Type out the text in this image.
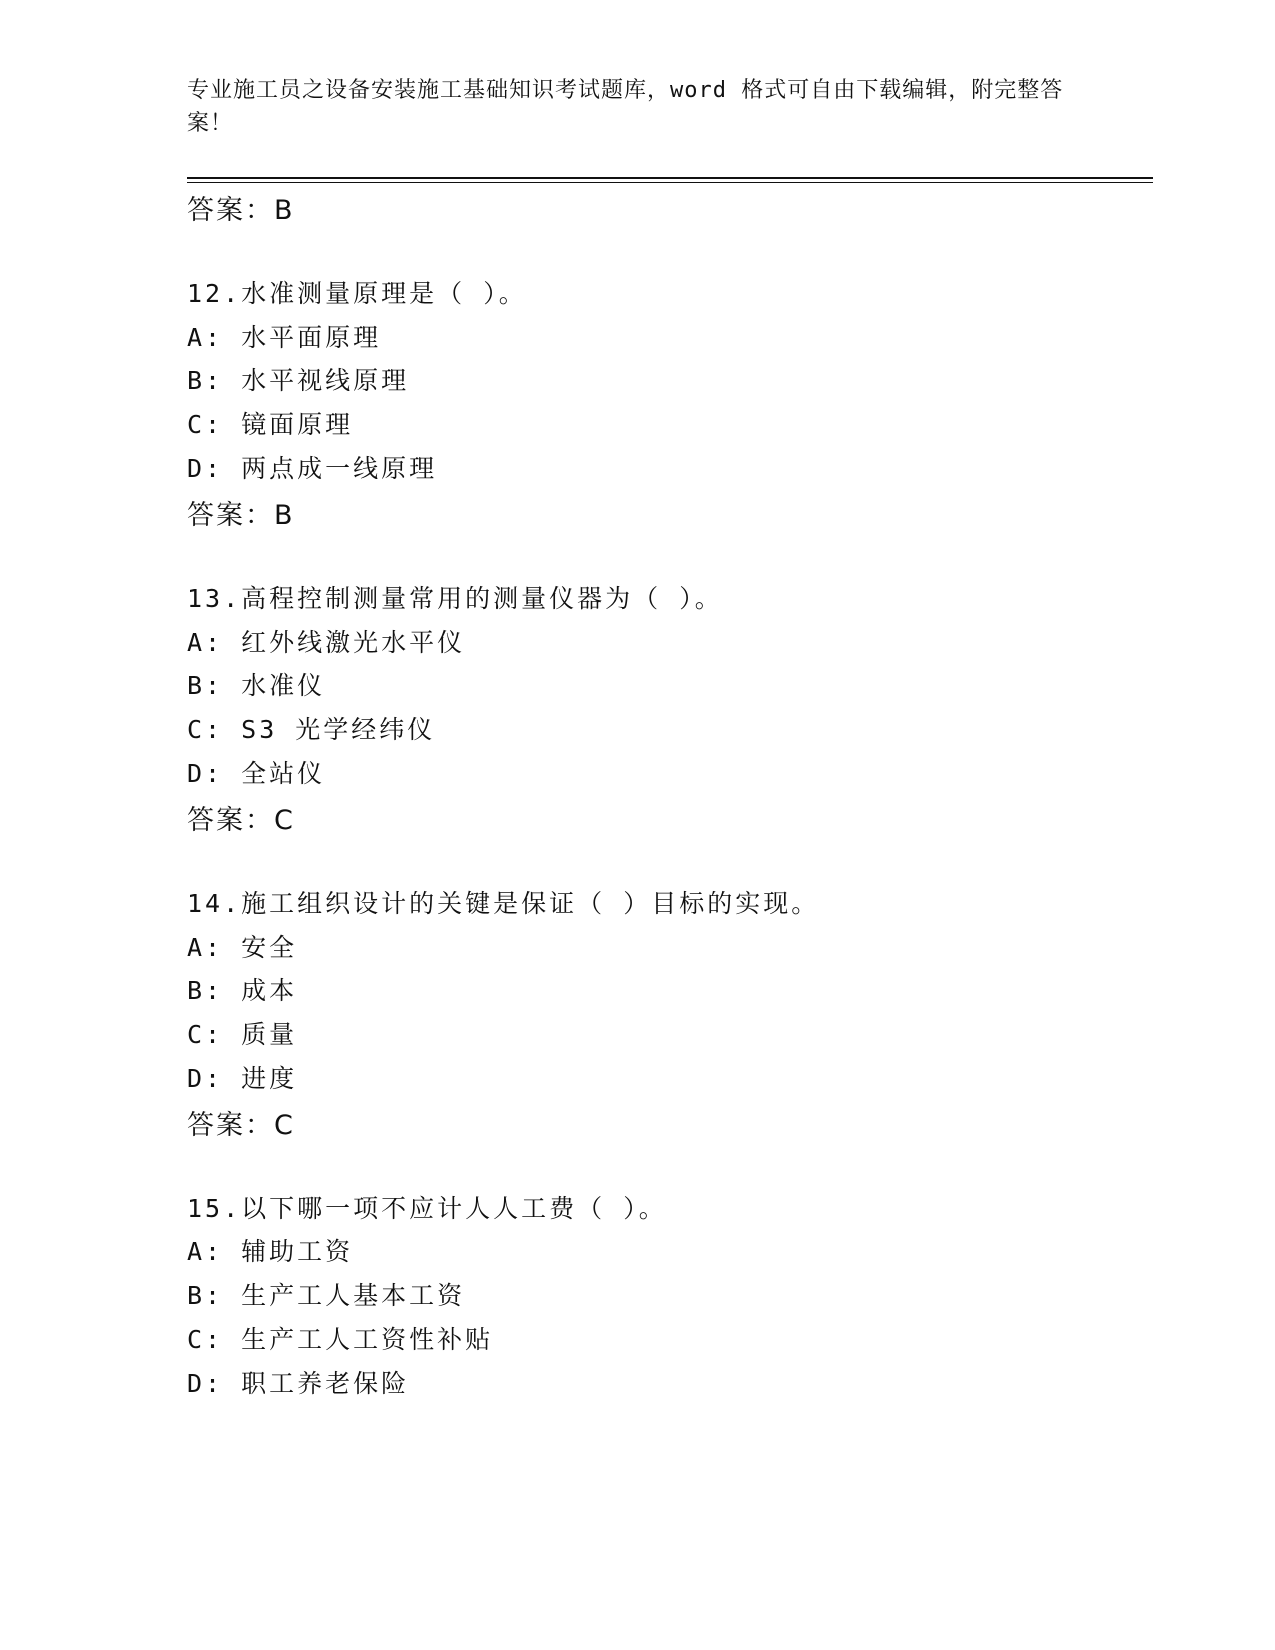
专业施工员之设备安装施工基础知识考试题库，word 格式可自由下载编辑，附完整答案！
答案：B
12.水准测量原理是（ ）。
A: 水平面原理
B: 水平视线原理
C: 镜面原理
D: 两点成一线原理
答案：B
13.高程控制测量常用的测量仪器为（ ）。
A: 红外线激光水平仪
B: 水准仪
C: S3 光学经纬仪
D: 全站仪
答案：C
14.施工组织设计的关键是保证（ ）目标的实现。
A: 安全
B: 成本
C: 质量
D: 进度
答案：C
15.以下哪一项不应计人人工费（ ）。
A: 辅助工资
B: 生产工人基本工资
C: 生产工人工资性补贴
D: 职工养老保险
